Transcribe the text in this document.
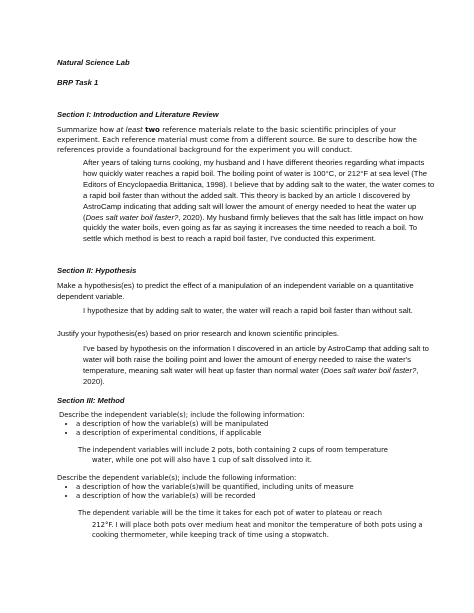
Natural Science Lab
BRP Task 1
Section I: Introduction and Literature Review
Summarize how at least two reference materials relate to the basic scientific principles of your experiment. Each reference material must come from a different source. Be sure to describe how the references provide a foundational background for the experiment you will conduct.
After years of taking turns cooking, my husband and I have different theories regarding what impacts how quickly water reaches a rapid boil. The boiling point of water is 100°C, or 212°F at sea level (The Editors of Encyclopaedia Brittanica, 1998). I believe that by adding salt to the water, the water comes to a rapid boil faster than without the added salt. This theory is backed by an article I discovered by AstroCamp indicating that adding salt will lower the amount of energy needed to heat the water up (Does salt water boil faster?, 2020). My husband firmly believes that the salt has little impact on how quickly the water boils, even going as far as saying it increases the time needed to reach a boil. To settle which method is best to reach a rapid boil faster, I've conducted this experiment.
Section II: Hypothesis
Make a hypothesis(es) to predict the effect of a manipulation of an independent variable on a quantitative dependent variable.
I hypothesize that by adding salt to water, the water will reach a rapid boil faster than without salt.
Justify your hypothesis(es) based on prior research and known scientific principles.
I've based by hypothesis on the information I discovered in an article by AstroCamp that adding salt to water will both raise the boiling point and lower the amount of energy needed to raise the water's temperature, meaning salt water will heat up faster than normal water (Does salt water boil faster?, 2020).
Section III: Method
Describe the independent variable(s); include the following information:
• a description of how the variable(s) will be manipulated
• a description of experimental conditions, if applicable
The independent variables will include 2 pots, both containing 2 cups of room temperature
water, while one pot will also have 1 cup of salt dissolved into it.
Describe the dependent variable(s); include the following information:
• a description of how the variable(s)will be quantified, including units of measure
• a description of how the variable(s) will be recorded
The dependent variable will be the time it takes for each pot of water to plateau or reach
212°F. I will place both pots over medium heat and monitor the temperature of both pots using a cooking thermometer, while keeping track of time using a stopwatch.
